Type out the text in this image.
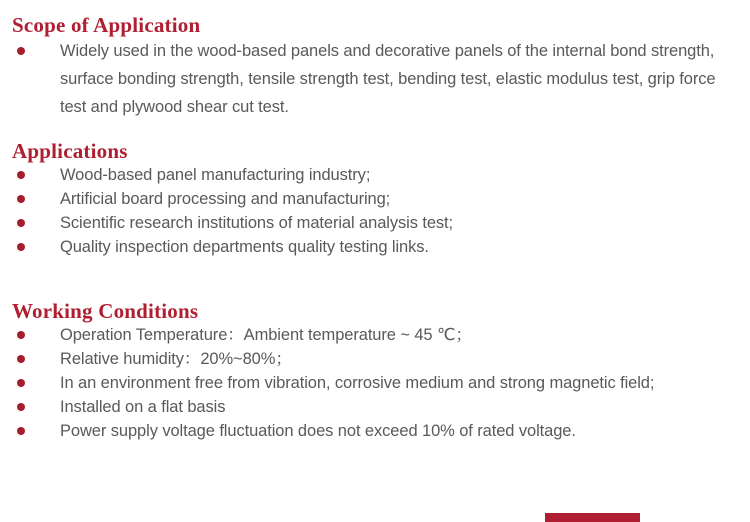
Scope of Application
Widely used in the wood-based panels and decorative panels of the internal bond strength, surface bonding strength, tensile strength test, bending test, elastic modulus test, grip force test and plywood shear cut test.
Applications
Wood-based panel manufacturing industry;
Artificial board processing and manufacturing;
Scientific research institutions of material analysis test;
Quality inspection departments quality testing links.
Working Conditions
Operation Temperature：Ambient temperature ~ 45 ℃；
Relative humidity：20%~80%；
In an environment free from vibration, corrosive medium and strong magnetic field;
Installed on a flat basis
Power supply voltage fluctuation does not exceed 10% of rated voltage.
